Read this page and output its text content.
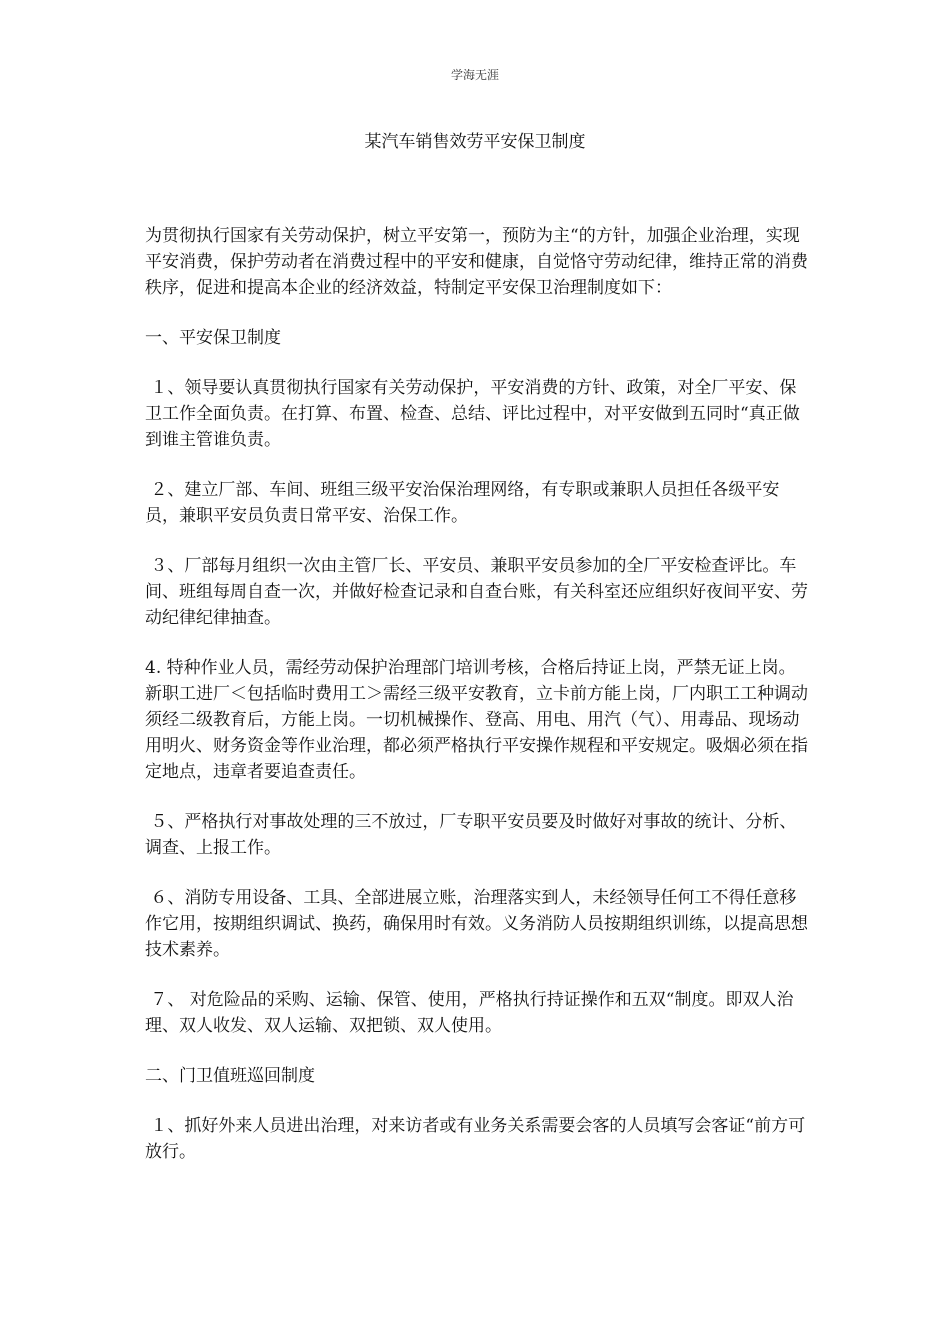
学海无涯
某汽车销售效劳平安保卫制度

为贯彻执行国家有关劳动保护，树立平安第一，预防为主“的方针，加强企业治理，实现平安消费，保护劳动者在消费过程中的平安和健康，自觉恪守劳动纪律，维持正常的消费秩序，促进和提高本企业的经济效益，特制定平安保卫治理制度如下：

一、平安保卫制度

１、领导要认真贯彻执行国家有关劳动保护，平安消费的方针、政策，对全厂平安、保卫工作全面负责。在打算、布置、检查、总结、评比过程中，对平安做到五同时“真正做到谁主管谁负责。

２、建立厂部、车间、班组三级平安治保治理网络，有专职或兼职人员担任各级平安员，兼职平安员负责日常平安、治保工作。

３、厂部每月组织一次由主管厂长、平安员、兼职平安员参加的全厂平安检查评比。车间、班组每周自查一次，并做好检查记录和自查台账，有关科室还应组织好夜间平安、劳动纪律纪律抽查。

4. 特种作业人员，需经劳动保护治理部门培训考核，合格后持证上岗，严禁无证上岗。新职工进厂＜包括临时费用工＞需经三级平安教育，立卡前方能上岗，厂内职工工种调动须经二级教育后，方能上岗。一切机械操作、登高、用电、用汽（气）、用毒品、现场动用明火、财务资金等作业治理，都必须严格执行平安操作规程和平安规定。吸烟必须在指定地点，违章者要追查责任。

５、严格执行对事故处理的三不放过，厂专职平安员要及时做好对事故的统计、分析、调查、上报工作。

６、消防专用设备、工具、全部进展立账，治理落实到人，未经领导任何工不得任意移作它用，按期组织调试、换药，确保用时有效。义务消防人员按期组织训练，以提高思想技术素养。

７、 对危险品的采购、运输、保管、使用，严格执行持证操作和五双“制度。即双人治理、双人收发、双人运输、双把锁、双人使用。

二、门卫值班巡回制度

１、抓好外来人员进出治理，对来访者或有业务关系需要会客的人员填写会客证“前方可放行。
